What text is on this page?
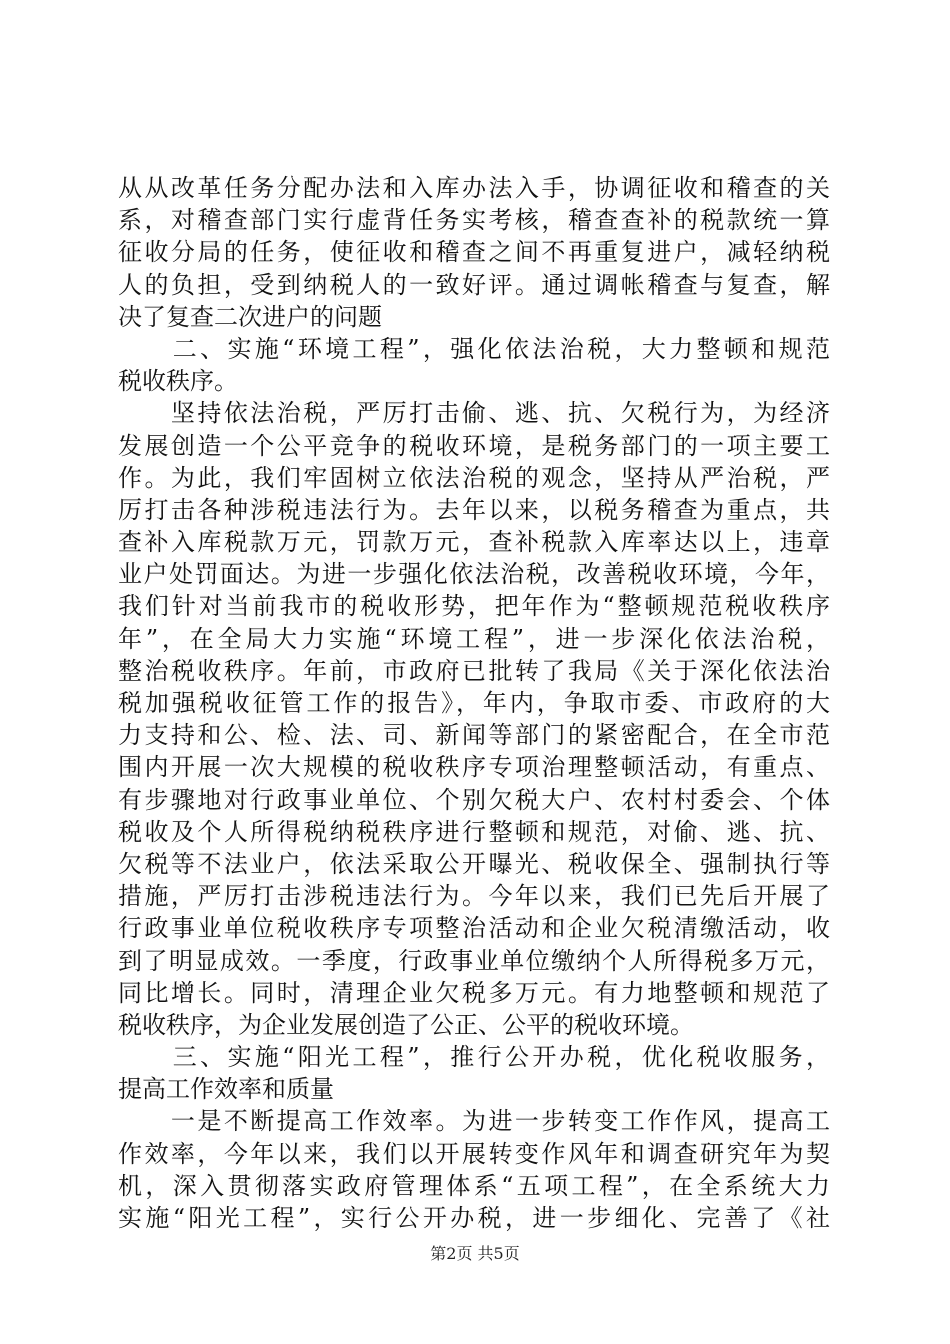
从从改革任务分配办法和入库办法入手，协调征收和稽查的关
系，对稽查部门实行虚背任务实考核，稽查查补的税款统一算
征收分局的任务，使征收和稽查之间不再重复进户，减轻纳税
人的负担，受到纳税人的一致好评。通过调帐稽查与复查，解
决了复查二次进户的问题
　　二、实施“环境工程”，强化依法治税，大力整顿和规范
税收秩序。
　　坚持依法治税，严厉打击偷、逃、抗、欠税行为，为经济
发展创造一个公平竞争的税收环境，是税务部门的一项主要工
作。为此，我们牢固树立依法治税的观念，坚持从严治税，严
厉打击各种涉税违法行为。去年以来，以税务稽查为重点，共
查补入库税款万元，罚款万元，查补税款入库率达以上，违章
业户处罚面达。为进一步强化依法治税，改善税收环境，今年，
我们针对当前我市的税收形势，把年作为“整顿规范税收秩序
年”，在全局大力实施“环境工程”，进一步深化依法治税，
整治税收秩序。年前，市政府已批转了我局《关于深化依法治
税加强税收征管工作的报告》，年内，争取市委、市政府的大
力支持和公、检、法、司、新闻等部门的紧密配合，在全市范
围内开展一次大规模的税收秩序专项治理整顿活动，有重点、
有步骤地对行政事业单位、个别欠税大户、农村村委会、个体
税收及个人所得税纳税秩序进行整顿和规范，对偷、逃、抗、
欠税等不法业户，依法采取公开曝光、税收保全、强制执行等
措施，严厉打击涉税违法行为。今年以来，我们已先后开展了
行政事业单位税收秩序专项整治活动和企业欠税清缴活动，收
到了明显成效。一季度，行政事业单位缴纳个人所得税多万元，
同比增长。同时，清理企业欠税多万元。有力地整顿和规范了
税收秩序，为企业发展创造了公正、公平的税收环境。
　　三、实施“阳光工程”，推行公开办税，优化税收服务，
提高工作效率和质量
　　一是不断提高工作效率。为进一步转变工作作风，提高工
作效率，今年以来，我们以开展转变作风年和调查研究年为契
机，深入贯彻落实政府管理体系“五项工程”，在全系统大力
实施“阳光工程”，实行公开办税，进一步细化、完善了《社
第2页 共5页
